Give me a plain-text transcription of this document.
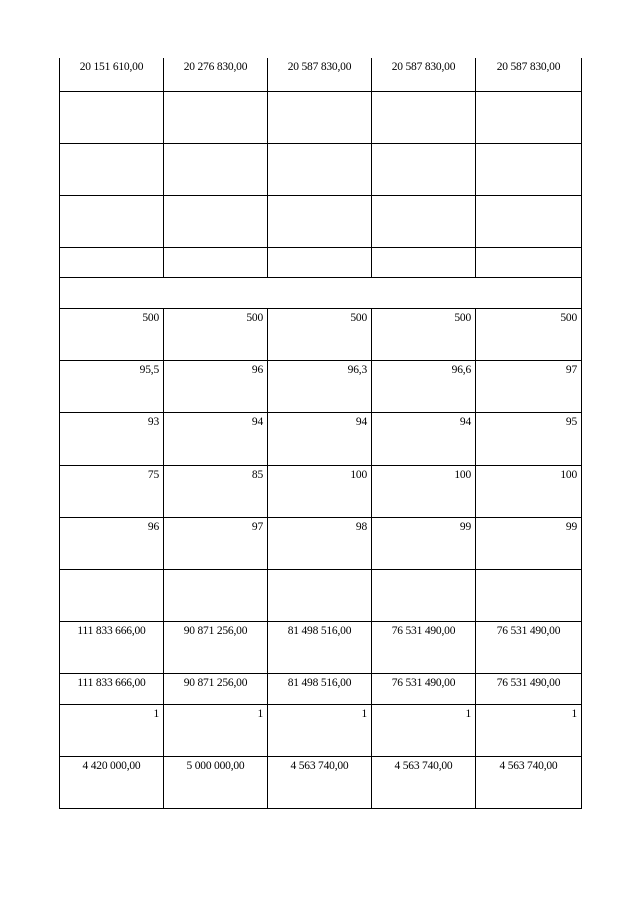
20 151 610,00	20 276 830,00	20 587 830,00	20 587 830,00	20 587 830,00

500	500	500	500	500
95,5	96	96,3	96,6	97
93	94	94	94	95
75	85	100	100	100
96	97	98	99	99

111 833 666,00	90 871 256,00	81 498 516,00	76 531 490,00	76 531 490,00
111 833 666,00	90 871 256,00	81 498 516,00	76 531 490,00	76 531 490,00
1	1	1	1	1
4 420 000,00	5 000 000,00	4 563 740,00	4 563 740,00	4 563 740,00
